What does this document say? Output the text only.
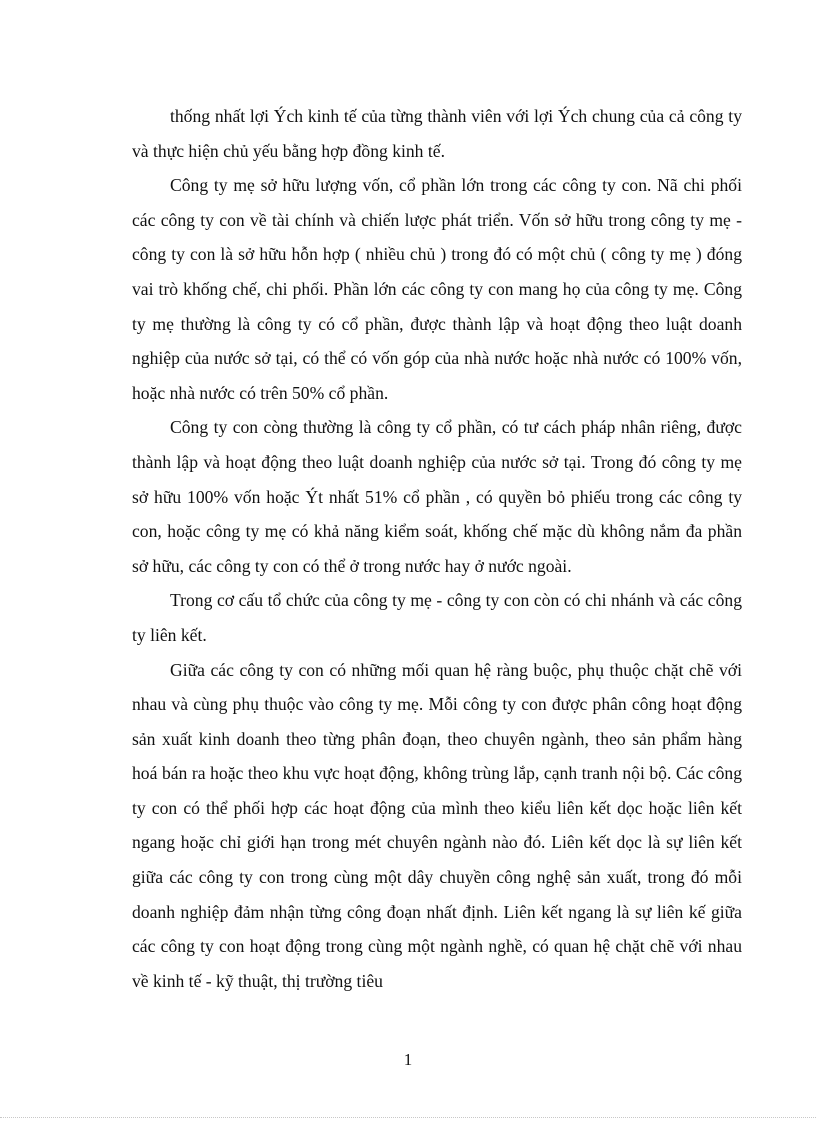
thống nhất lợi Ých kinh tế của từng thành viên với lợi Ých chung của cả công ty và thực hiện chủ yếu bằng hợp đồng kinh tế.

Công ty mẹ sở hữu lượng vốn, cổ phần lớn trong các công ty con. Nã chi phối các công ty con về tài chính và chiến lược phát triển. Vốn sở hữu trong công ty mẹ - công ty con là sở hữu hỗn hợp ( nhiều chủ ) trong đó có một chủ ( công ty mẹ ) đóng vai trò khống chế, chi phối. Phần lớn các công ty con mang họ của công ty mẹ. Công ty mẹ thường là công ty có cổ phần, được thành lập và hoạt động theo luật doanh nghiệp của nước sở tại, có thể có vốn góp của nhà nước hoặc nhà nước có 100% vốn, hoặc nhà nước có trên 50% cổ phần.

Công ty con còng thường là công ty cổ phần, có tư cách pháp nhân riêng, được thành lập và hoạt động theo luật doanh nghiệp của nước sở tại. Trong đó công ty mẹ sở hữu 100% vốn hoặc Ýt nhất 51% cổ phần , có quyền bỏ phiếu trong các công ty con, hoặc công ty mẹ có khả năng kiểm soát, khống chế mặc dù không nắm đa phần sở hữu, các công ty con có thể ở trong nước hay ở nước ngoài.

Trong cơ cấu tổ chức của công ty mẹ - công ty con còn có chi nhánh và các công ty liên kết.

Giữa các công ty con có những mối quan hệ ràng buộc, phụ thuộc chặt chẽ với nhau và cùng phụ thuộc vào công ty mẹ. Mỗi công ty con được phân công hoạt động sản xuất kinh doanh theo từng phân đoạn, theo chuyên ngành, theo sản phẩm hàng hoá bán ra hoặc theo khu vực hoạt động, không trùng lắp, cạnh tranh nội bộ. Các công ty con có thể phối hợp các hoạt động của mình theo kiểu liên kết dọc hoặc liên kết ngang hoặc chỉ giới hạn trong mét chuyên ngành nào đó. Liên kết dọc là sự liên kết giữa các công ty con trong cùng một dây chuyền công nghệ sản xuất, trong đó mỗi doanh nghiệp đảm nhận từng công đoạn nhất định. Liên kết ngang là sự liên kế giữa các công ty con hoạt động trong cùng một ngành nghề, có quan hệ chặt chẽ với nhau về kinh tế - kỹ thuật, thị trường tiêu

1
